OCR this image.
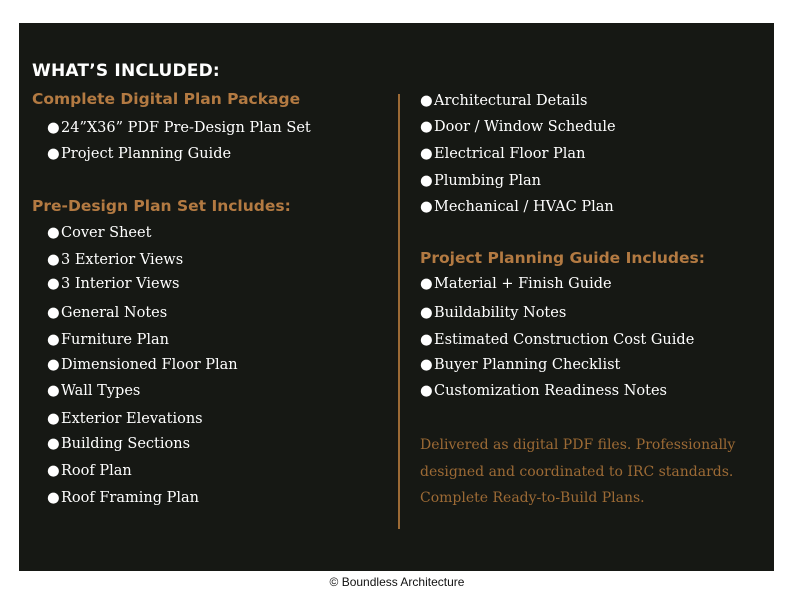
WHAT’S INCLUDED:
Complete Digital Plan Package
●24”X36” PDF Pre-Design Plan Set
●Project Planning Guide
Pre-Design Plan Set Includes:
●Cover Sheet
●3 Exterior Views
●3 Interior Views
●General Notes
●Furniture Plan
●Dimensioned Floor Plan
●Wall Types
●Exterior Elevations
●Building Sections
●Roof Plan
●Roof Framing Plan
●Architectural Details
●Door / Window Schedule
●Electrical Floor Plan
●Plumbing Plan
●Mechanical / HVAC Plan
Project Planning Guide Includes:
●Material + Finish Guide
●Buildability Notes
●Estimated Construction Cost Guide
●Buyer Planning Checklist
●Customization Readiness Notes
Delivered as digital PDF files. Professionally
designed and coordinated to IRC standards.
Complete Ready-to-Build Plans.
© Boundless Architecture
